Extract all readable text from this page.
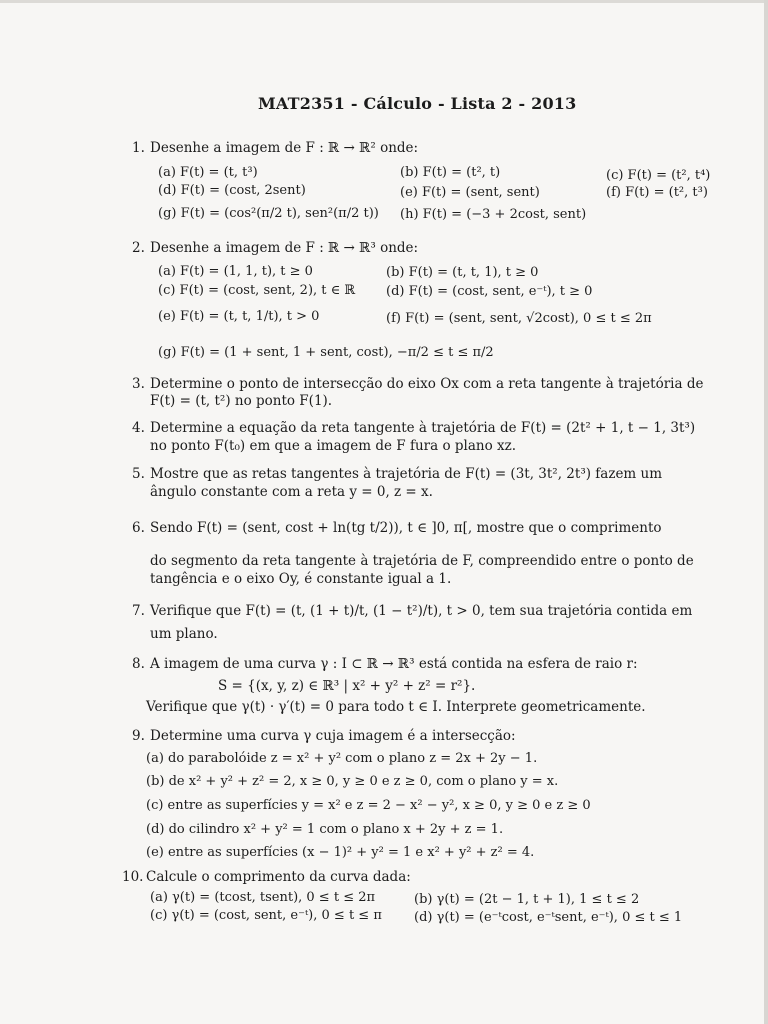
MAT2351 - Cálculo - Lista 2 - 2013
1. Desenhe a imagem de F : ℝ → ℝ² onde:
(a) F(t) = (t, t³)	(b) F(t) = (t², t)	(c) F(t) = (t², t⁴)
(d) F(t) = (cost, 2sent)	(e) F(t) = (sent, sent)	(f) F(t) = (t², t³)
(g) F(t) = (cos²(π/2 t), sen²(π/2 t)) (h) F(t) = (−3 + 2cost, sent)
2. Desenhe a imagem de F : ℝ → ℝ³ onde:
(a) F(t) = (1, 1, t), t ≥ 0	(b) F(t) = (t, t, 1), t ≥ 0
(c) F(t) = (cost, sent, 2), t ∈ ℝ (d) F(t) = (cost, sent, e⁻ᵗ), t ≥ 0
(e) F(t) = (t, t, 1/t), t > 0	(f) F(t) = (sent, sent, √2cost), 0 ≤ t ≤ 2π
(g) F(t) = (1 + sent, 1 + sent, cost), −π/2 ≤ t ≤ π/2
3. Determine o ponto de intersecção do eixo Ox com a reta tangente à trajetória de
F(t) = (t, t²) no ponto F(1).
4. Determine a equação da reta tangente à trajetória de F(t) = (2t² + 1, t − 1, 3t³)
no ponto F(t₀) em que a imagem de F fura o plano xz.
5. Mostre que as retas tangentes à trajetória de F(t) = (3t, 3t², 2t³) fazem um
ângulo constante com a reta y = 0, z = x.
6. Sendo F(t) = (sent, cost + ln(tg t/2)), t ∈ ]0, π[, mostre que o comprimento
do segmento da reta tangente à trajetória de F, compreendido entre o ponto de
tangência e o eixo Oy, é constante igual a 1.
7. Verifique que F(t) = (t, (1 + t)/t, (1 − t²)/t), t > 0, tem sua trajetória contida em
um plano.
8. A imagem de uma curva γ : I ⊂ ℝ → ℝ³ está contida na esfera de raio r:
S = {(x, y, z) ∈ ℝ³ | x² + y² + z² = r²}.
Verifique que γ(t) · γ′(t) = 0 para todo t ∈ I. Interprete geometricamente.
9. Determine uma curva γ cuja imagem é a intersecção:
(a) do parabolóide z = x² + y² com o plano z = 2x + 2y − 1.
(b) de x² + y² + z² = 2, x ≥ 0, y ≥ 0 e z ≥ 0, com o plano y = x.
(c) entre as superfícies y = x² e z = 2 − x² − y², x ≥ 0, y ≥ 0 e z ≥ 0
(d) do cilindro x² + y² = 1 com o plano x + 2y + z = 1.
(e) entre as superfícies (x − 1)² + y² = 1 e x² + y² + z² = 4.
10. Calcule o comprimento da curva dada:
(a) γ(t) = (tcost, tsent), 0 ≤ t ≤ 2π	(b) γ(t) = (2t − 1, t + 1), 1 ≤ t ≤ 2
(c) γ(t) = (cost, sent, e⁻ᵗ), 0 ≤ t ≤ π (d) γ(t) = (e⁻ᵗcost, e⁻ᵗsent, e⁻ᵗ), 0 ≤ t ≤ 1
